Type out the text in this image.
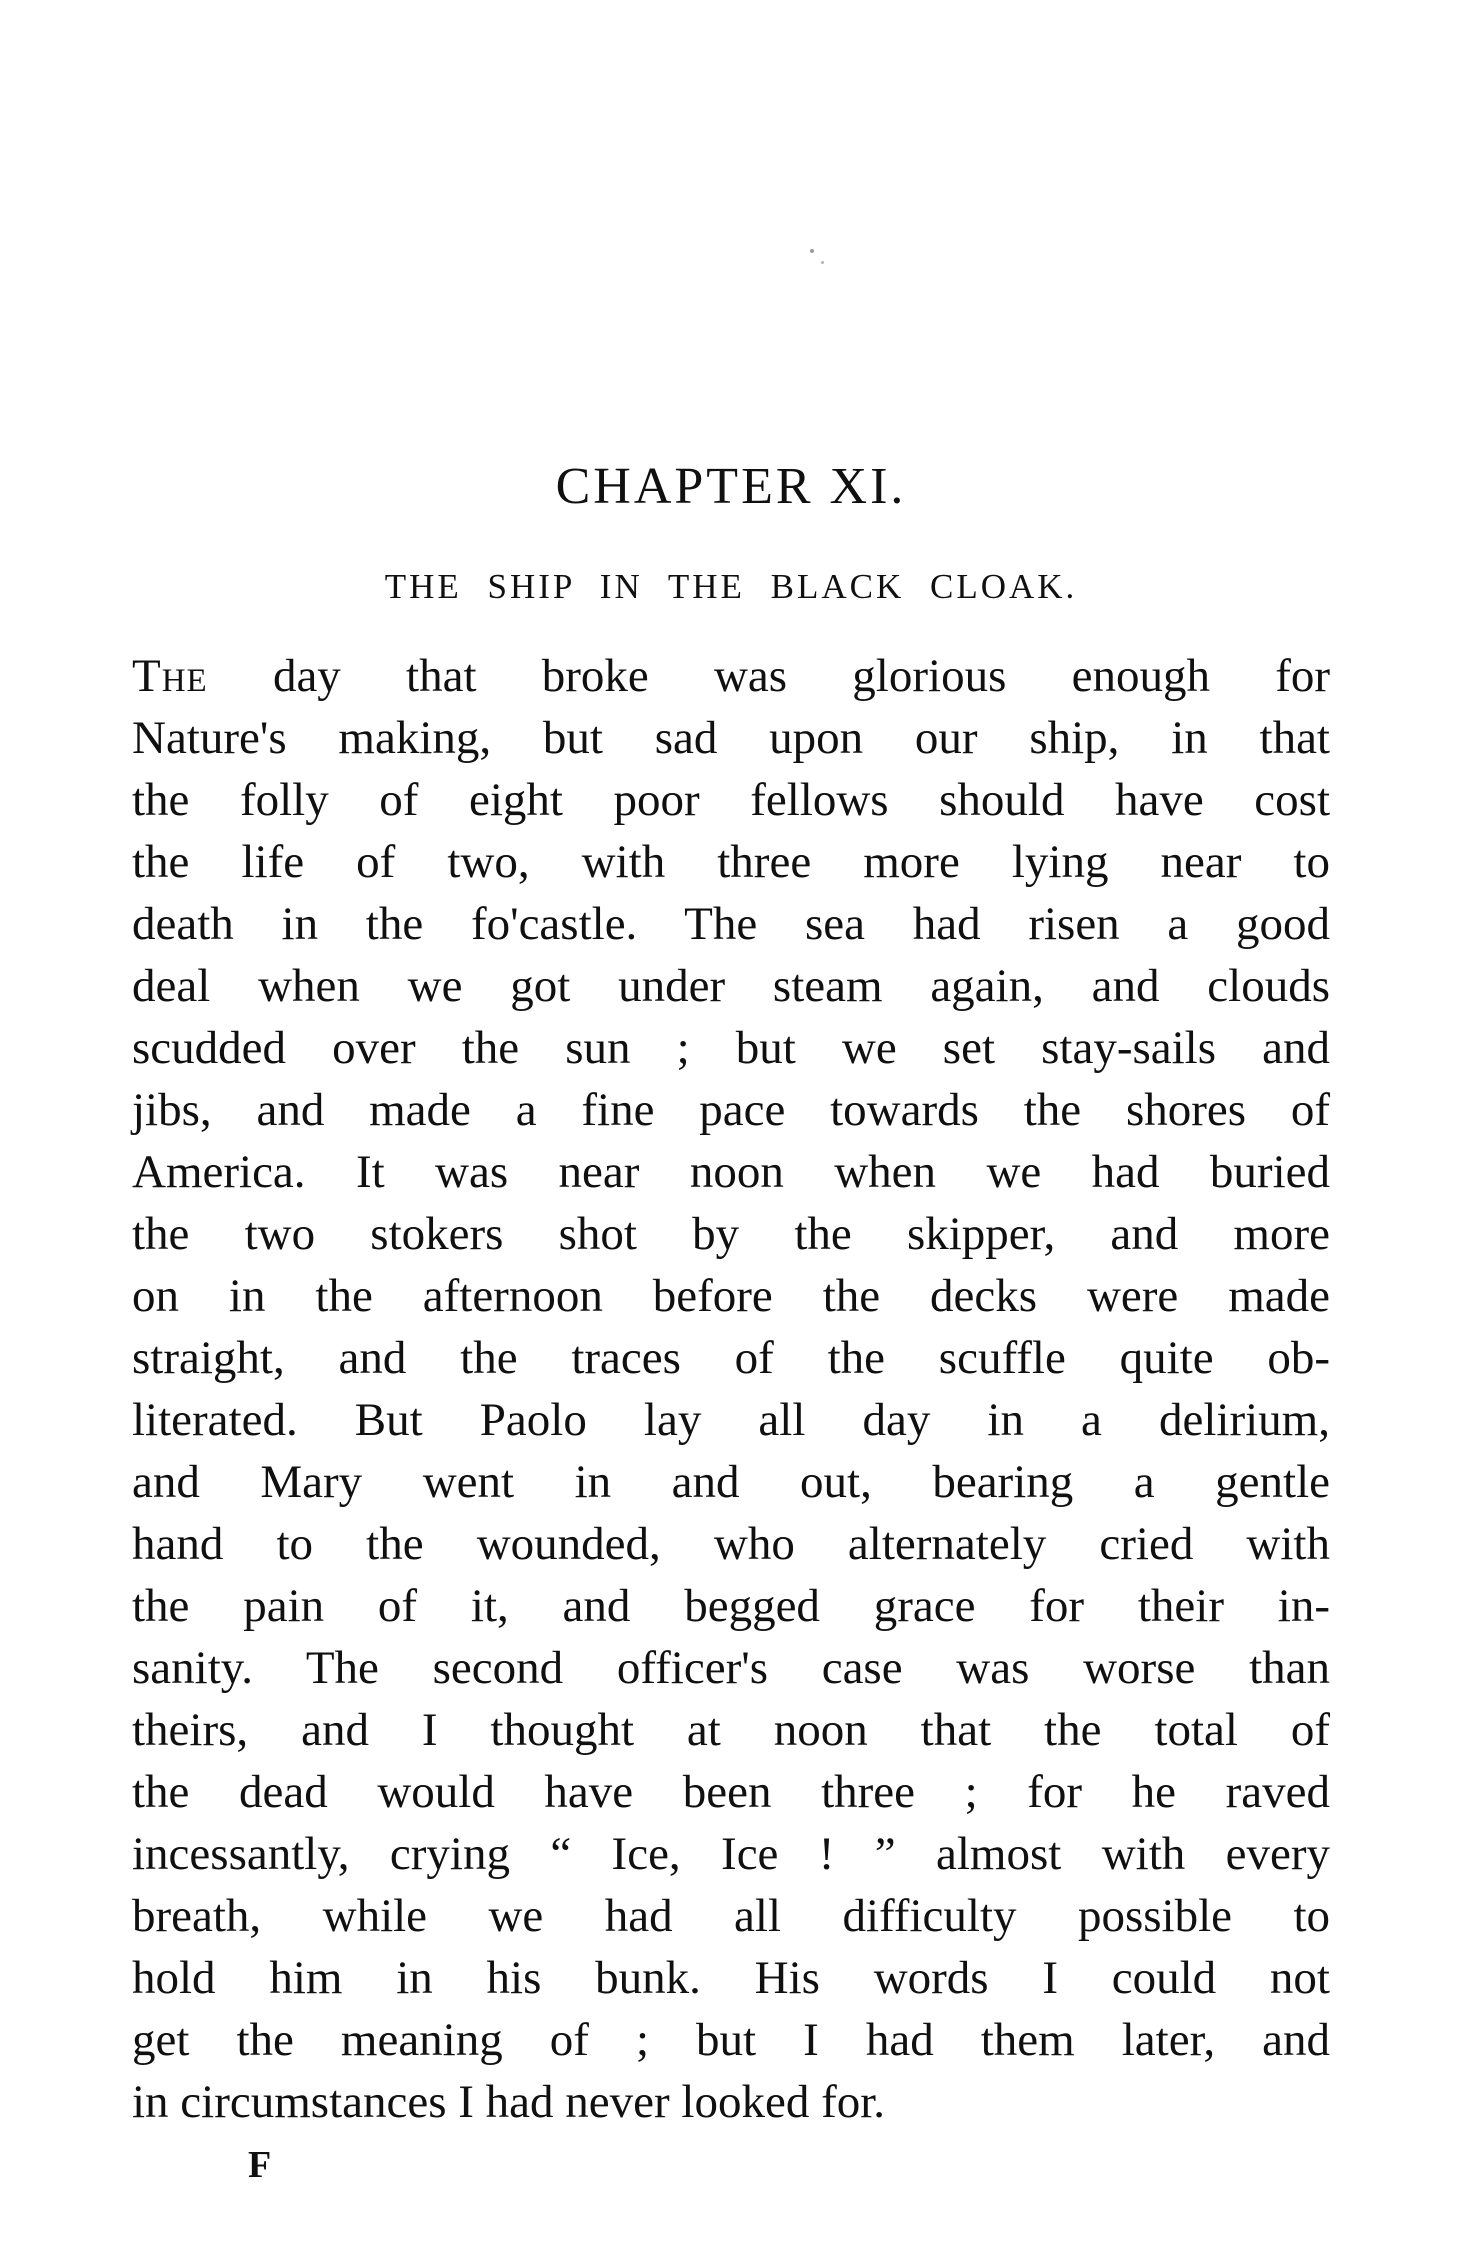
CHAPTER XI.
THE SHIP IN THE BLACK CLOAK.
The day that broke was glorious enough for
Nature's making, but sad upon our ship, in that
the folly of eight poor fellows should have cost
the life of two, with three more lying near to
death in the fo'castle. The sea had risen a good
deal when we got under steam again, and clouds
scudded over the sun ; but we set stay-sails and
jibs, and made a fine pace towards the shores of
America. It was near noon when we had buried
the two stokers shot by the skipper, and more
on in the afternoon before the decks were made
straight, and the traces of the scuffle quite ob-
literated. But Paolo lay all day in a delirium,
and Mary went in and out, bearing a gentle
hand to the wounded, who alternately cried with
the pain of it, and begged grace for their in-
sanity. The second officer's case was worse than
theirs, and I thought at noon that the total of
the dead would have been three ; for he raved
incessantly, crying “ Ice, Ice ! ” almost with every
breath, while we had all difficulty possible to
hold him in his bunk. His words I could not
get the meaning of ; but I had them later, and
in circumstances I had never looked for.
F
